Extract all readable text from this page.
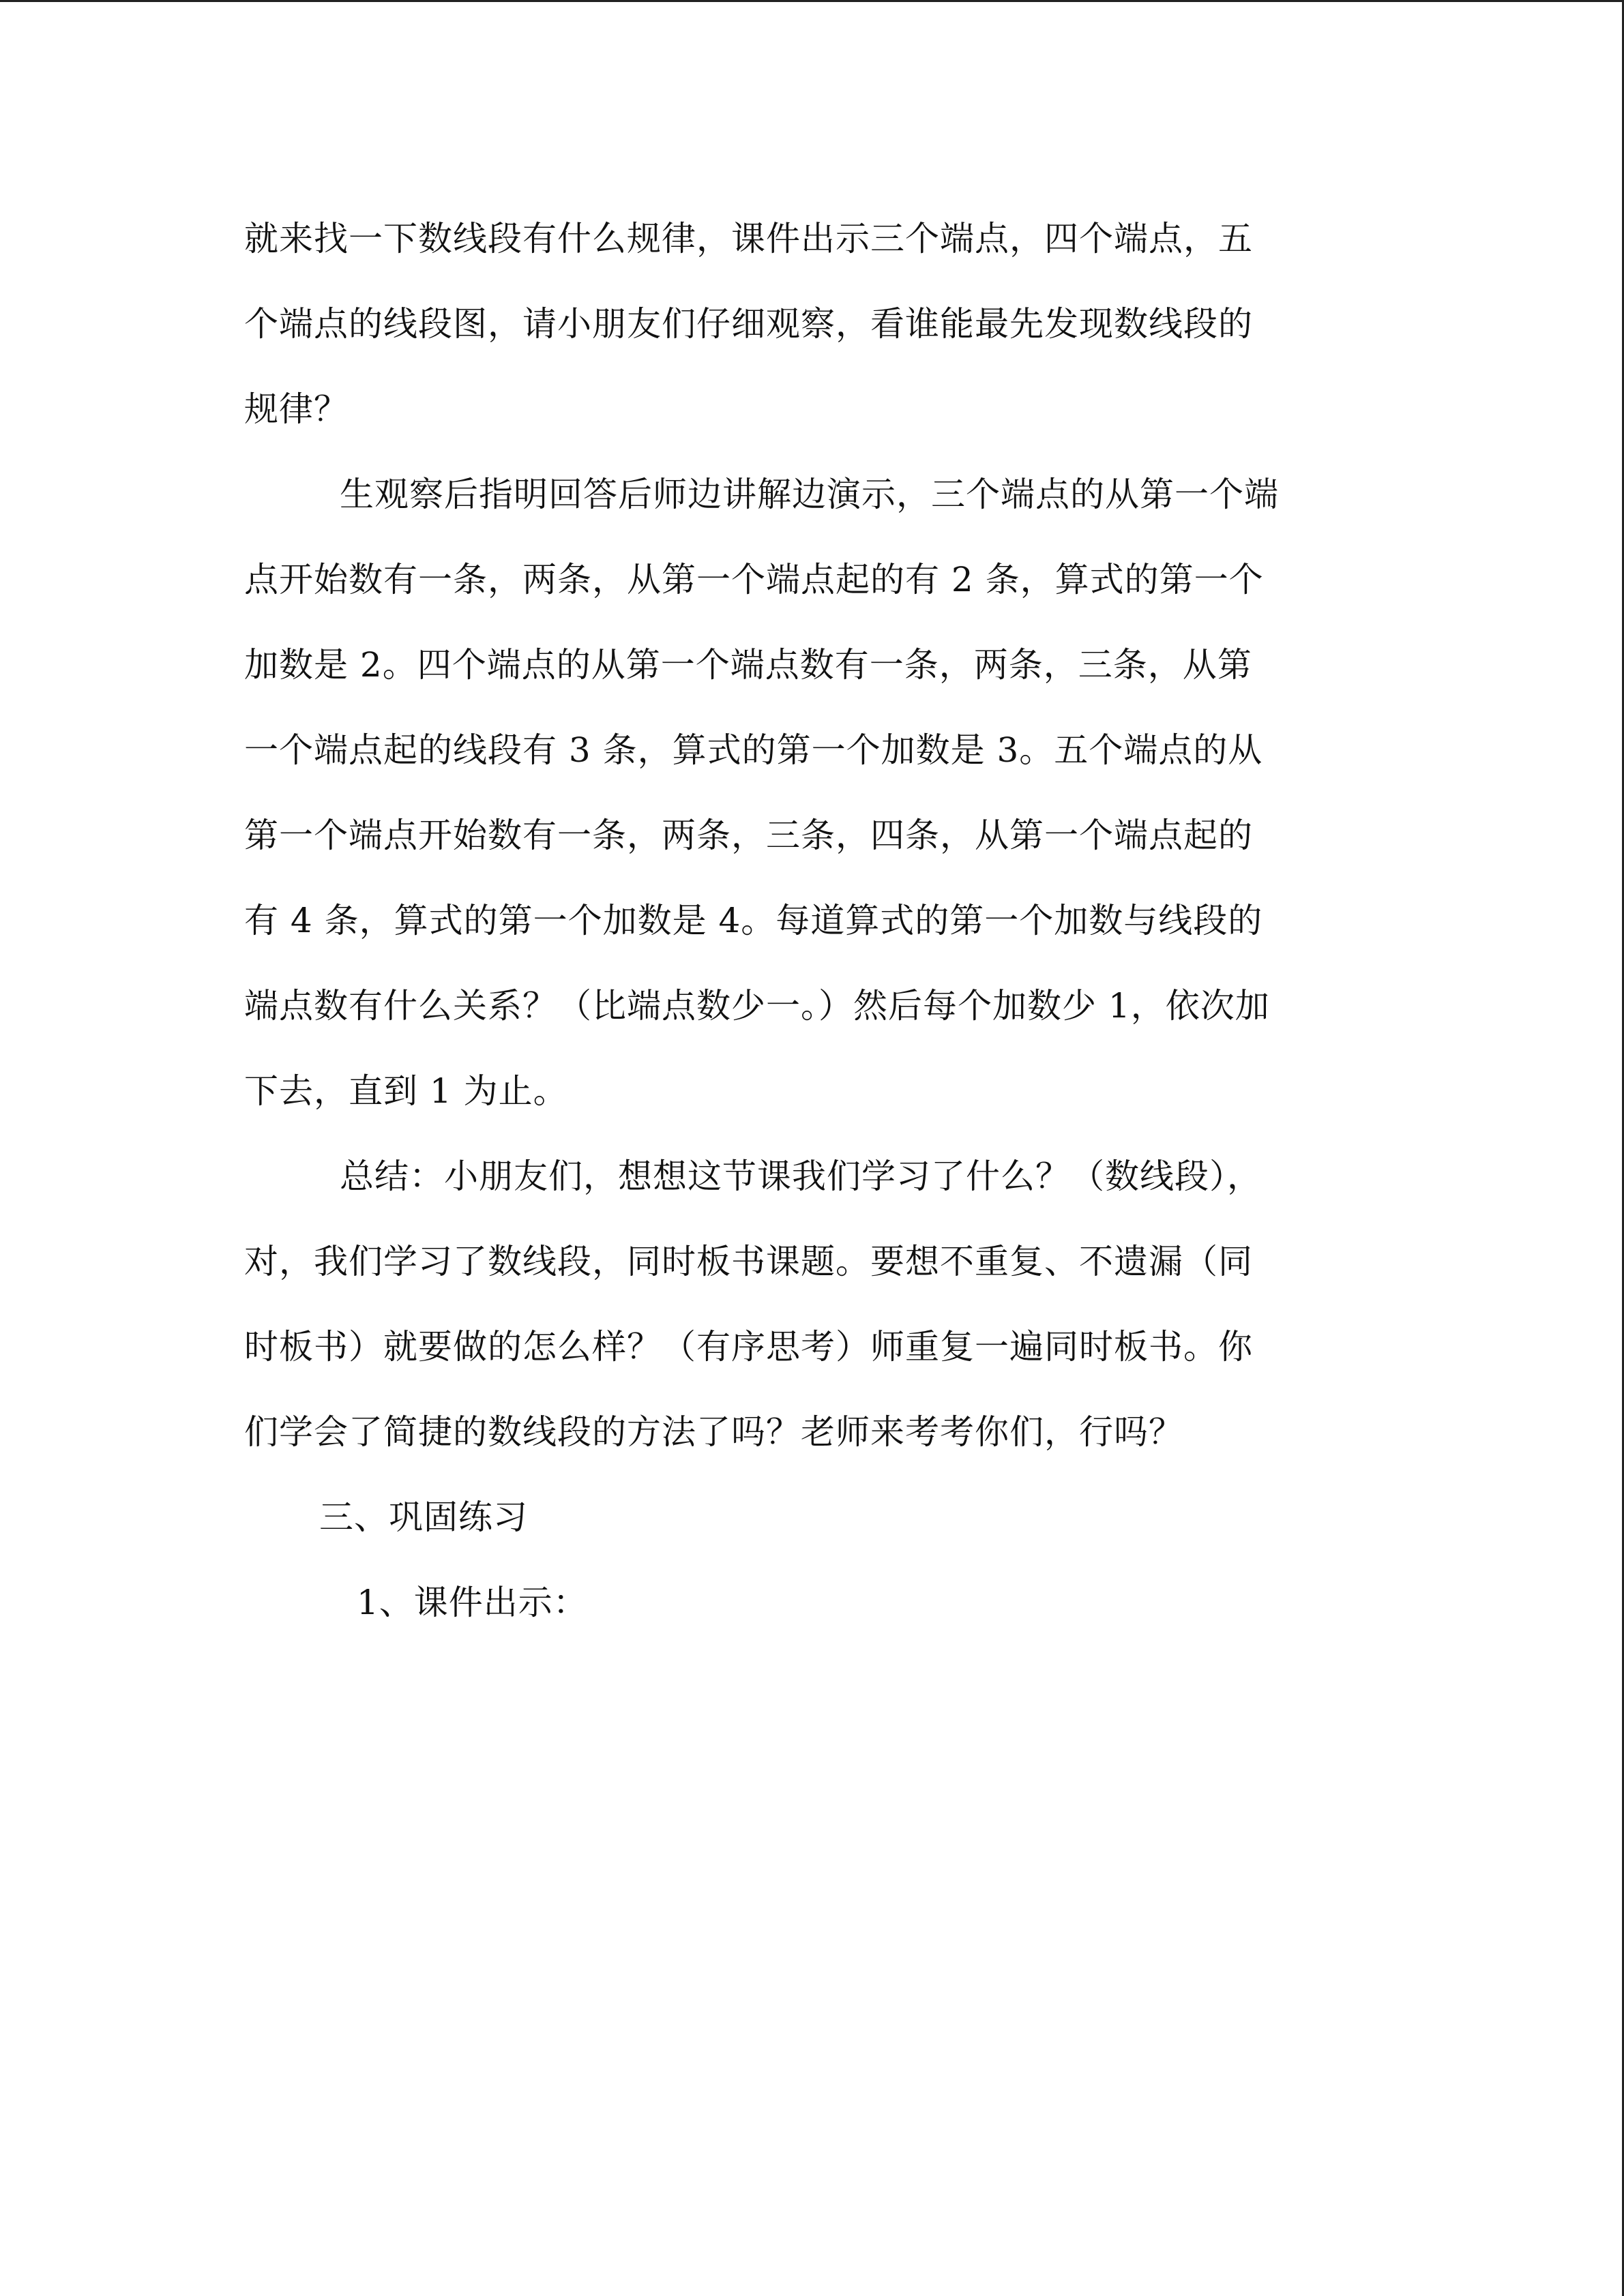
就来找一下数线段有什么规律，课件出示三个端点，四个端点，五
个端点的线段图，请小朋友们仔细观察，看谁能最先发现数线段的
规律？

生观察后指明回答后师边讲解边演示，三个端点的从第一个端
点开始数有一条，两条，从第一个端点起的有 2 条，算式的第一个
加数是 2。四个端点的从第一个端点数有一条，两条，三条，从第
一个端点起的线段有 3 条，算式的第一个加数是 3。五个端点的从
第一个端点开始数有一条，两条，三条，四条，从第一个端点起的
有 4 条，算式的第一个加数是 4。每道算式的第一个加数与线段的
端点数有什么关系？（比端点数少一。）然后每个加数少 1，依次加
下去，直到 1 为止。

总结：小朋友们，想想这节课我们学习了什么？（数线段），
对，我们学习了数线段，同时板书课题。要想不重复、不遗漏（同
时板书）就要做的怎么样？（有序思考）师重复一遍同时板书。你
们学会了简捷的数线段的方法了吗？老师来考考你们，行吗？

三、巩固练习

1、课件出示：
